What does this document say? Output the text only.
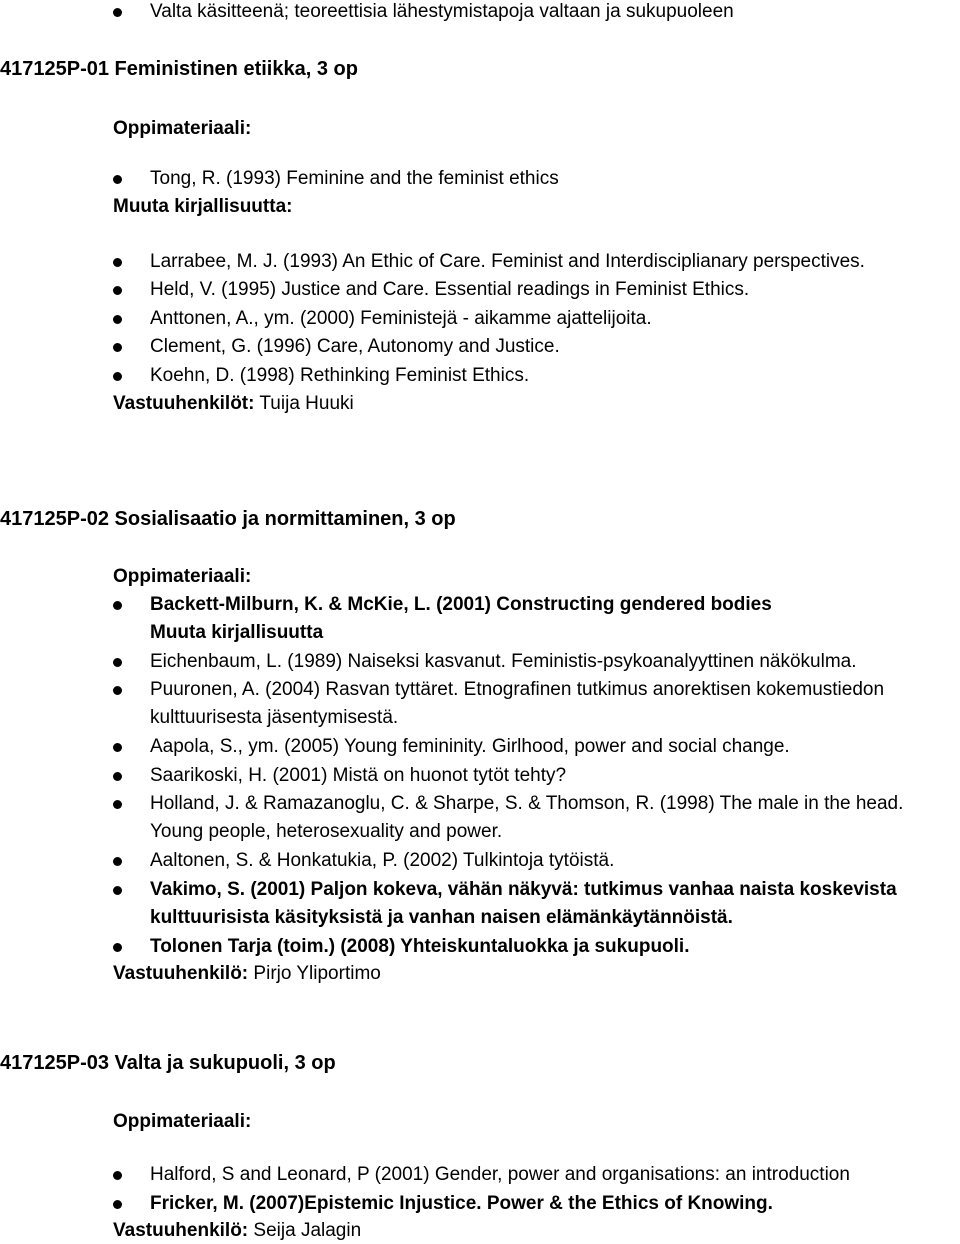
Valta käsitteenä; teoreettisia lähestymistapoja valtaan ja sukupuoleen
417125P-01 Feministinen etiikka, 3 op
Oppimateriaali:
Tong, R. (1993) Feminine and the feminist ethics
Muuta kirjallisuutta:
Larrabee, M. J. (1993) An Ethic of Care. Feminist and Interdisciplianary perspectives.
Held, V. (1995) Justice and Care. Essential readings in Feminist Ethics.
Anttonen, A., ym. (2000) Feministejä - aikamme ajattelijoita.
Clement, G. (1996) Care, Autonomy and Justice.
Koehn, D. (1998) Rethinking Feminist Ethics.
Vastuuhenkilöt: Tuija Huuki
417125P-02 Sosialisaatio ja normittaminen, 3 op
Oppimateriaali:
Backett-Milburn, K. & McKie, L. (2001) Constructing gendered bodies
Muuta kirjallisuutta
Eichenbaum, L. (1989) Naiseksi kasvanut. Feministis-psykoanalyyttinen näkökulma.
Puuronen, A. (2004) Rasvan tyttäret. Etnografinen tutkimus anorektisen kokemustiedon
kulttuurisesta jäsentymisestä.
Aapola, S., ym. (2005) Young femininity. Girlhood, power and social change.
Saarikoski, H. (2001) Mistä on huonot tytöt tehty?
Holland, J. & Ramazanoglu, C. & Sharpe, S. & Thomson, R. (1998) The male in the head.
Young people, heterosexuality and power.
Aaltonen, S. & Honkatukia, P. (2002) Tulkintoja tytöistä.
Vakimo, S. (2001) Paljon kokeva, vähän näkyvä: tutkimus vanhaa naista koskevista
kulttuurisista käsityksistä ja vanhan naisen elämänkäytännöistä.
Tolonen Tarja (toim.) (2008) Yhteiskuntaluokka ja sukupuoli.
Vastuuhenkilö: Pirjo Yliportimo
417125P-03 Valta ja sukupuoli, 3 op
Oppimateriaali:
Halford, S and Leonard, P (2001) Gender, power and organisations: an introduction
Fricker, M. (2007)Epistemic Injustice. Power & the Ethics of Knowing.
Vastuuhenkilö: Seija Jalagin
